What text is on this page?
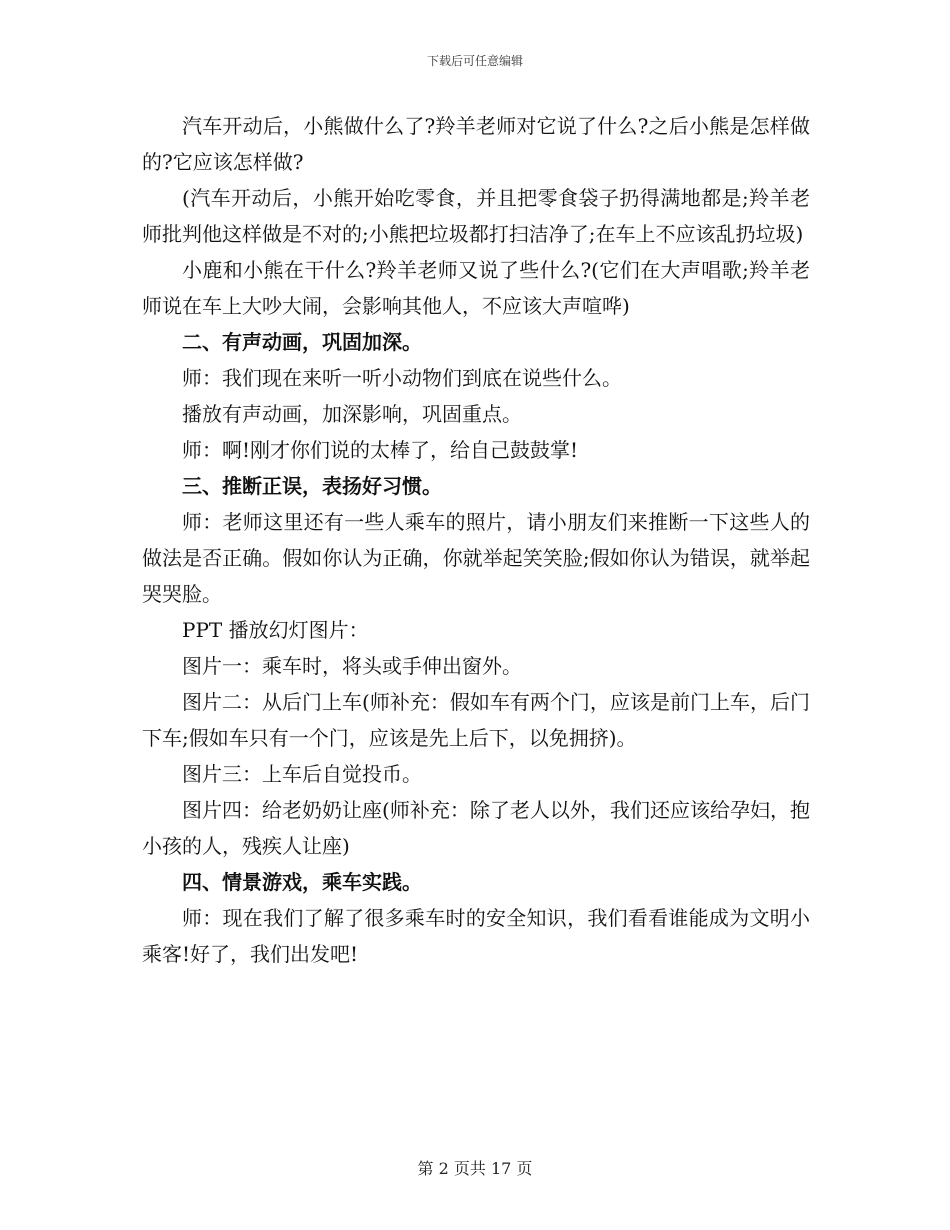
下载后可任意编辑

汽车开动后，小熊做什么了?羚羊老师对它说了什么?之后小熊是怎样做的?它应该怎样做?

(汽车开动后，小熊开始吃零食，并且把零食袋子扔得满地都是;羚羊老师批判他这样做是不对的;小熊把垃圾都打扫洁净了;在车上不应该乱扔垃圾)

小鹿和小熊在干什么?羚羊老师又说了些什么?(它们在大声唱歌;羚羊老师说在车上大吵大闹，会影响其他人，不应该大声喧哗)

二、有声动画，巩固加深。

师：我们现在来听一听小动物们到底在说些什么。

播放有声动画，加深影响，巩固重点。

师：啊!刚才你们说的太棒了，给自己鼓鼓掌!

三、推断正误，表扬好习惯。

师：老师这里还有一些人乘车的照片，请小朋友们来推断一下这些人的做法是否正确。假如你认为正确，你就举起笑笑脸;假如你认为错误，就举起哭哭脸。

PPT 播放幻灯图片：

图片一：乘车时，将头或手伸出窗外。

图片二：从后门上车(师补充：假如车有两个门，应该是前门上车，后门下车;假如车只有一个门，应该是先上后下，以免拥挤)。

图片三：上车后自觉投币。

图片四：给老奶奶让座(师补充：除了老人以外，我们还应该给孕妇，抱小孩的人，残疾人让座)

四、情景游戏，乘车实践。

师：现在我们了解了很多乘车时的安全知识，我们看看谁能成为文明小乘客!好了，我们出发吧!

第 2 页共 17 页
